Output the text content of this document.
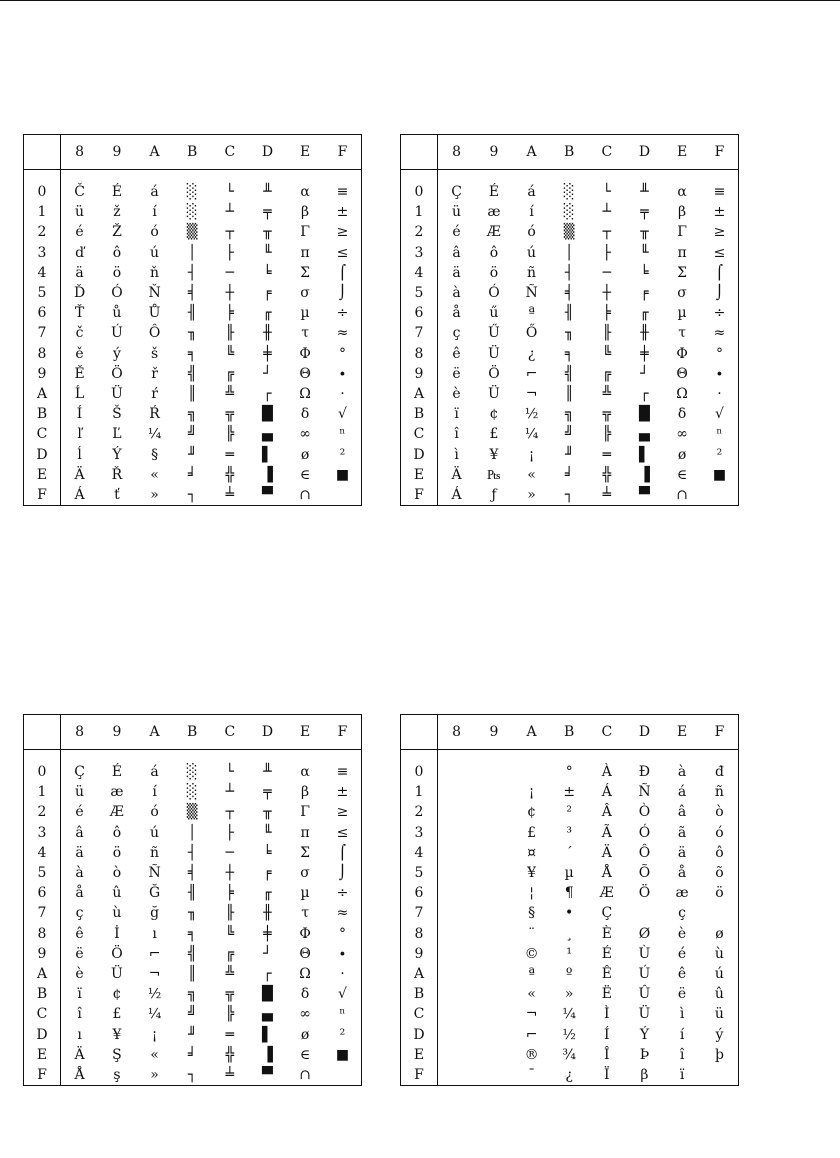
	8	9	A	B	C	D	E	F

0	Č	É	á	░	└	╨	α	≡
1	ü	ž	í	░	┴	╤	β	±
2	é	Ž	ó	▒	┬	╥	Γ	≥
3	ď	ô	ú	│	├	╙	π	≤
4	ä	ö	ň	┤	─	╘	Σ	⌠
5	Ď	Ó	Ň	╡	┼	╒	σ	⌡
6	Ť	ů	Ů	╢	╞	╓	µ	÷
7	č	Ú	Ô	╖	╟	╫	τ	≈
8	ě	ý	š	╕	╚	╪	Φ	°
9	Ě	Ö	ř	╣	╔	┘	Θ	∙
A	Ĺ	Ü	ŕ	║	╩	┌	Ω	·
B	Í	Š	Ŕ	╗	╦	█	δ	√
C	ľ	Ľ	¼	╝	╠	▄	∞	ⁿ
D	ĺ	Ý	§	╜	═	▌	ø	²
E	Ä	Ř	«	╛	╬	▐	∈	■
F	Á	ť	»	┐	╧	▀	∩	
	8	9	A	B	C	D	E	F

0	Ç	É	á	░	└	╨	α	≡
1	ü	æ	í	░	┴	╤	β	±
2	é	Æ	ó	▒	┬	╥	Γ	≥
3	â	ô	ú	│	├	╙	π	≤
4	ä	ö	ñ	┤	─	╘	Σ	⌠
5	à	Ó	Ñ	╡	┼	╒	σ	⌡
6	å	ű	ª	╢	╞	╓	µ	÷
7	ç	Ű	Ő	╖	╟	╫	τ	≈
8	ê	Ü	¿	╕	╚	╪	Φ	°
9	ë	Ö	⌐	╣	╔	┘	Θ	∙
A	è	Ü	¬	║	╩	┌	Ω	·
B	ï	¢	½	╗	╦	█	δ	√
C	î	£	¼	╝	╠	▄	∞	ⁿ
D	ì	¥	¡	╜	═	▌	ø	²
E	Ä	₧	«	╛	╬	▐	∈	■
F	Á	ƒ	»	┐	╧	▀	∩	
	8	9	A	B	C	D	E	F

0	Ç	É	á	░	└	╨	α	≡
1	ü	æ	í	░	┴	╤	β	±
2	é	Æ	ó	▒	┬	╥	Γ	≥
3	â	ô	ú	│	├	╙	π	≤
4	ä	ö	ñ	┤	─	╘	Σ	⌠
5	à	ò	Ñ	╡	┼	╒	σ	⌡
6	å	û	Ğ	╢	╞	╓	µ	÷
7	ç	ù	ğ	╖	╟	╫	τ	≈
8	ê	İ	ı	╕	╚	╪	Φ	°
9	ë	Ö	⌐	╣	╔	┘	Θ	∙
A	è	Ü	¬	║	╩	┌	Ω	·
B	ï	¢	½	╗	╦	█	δ	√
C	î	£	¼	╝	╠	▄	∞	ⁿ
D	ı	¥	¡	╜	═	▌	ø	²
E	Ä	Ş	«	╛	╬	▐	∈	■
F	Å	ş	»	┐	╧	▀	∩	
	8	9	A	B	C	D	E	F

0				°	À	Ð	à	đ
1			¡	±	Á	Ñ	á	ñ
2			¢	²	Â	Ò	â	ò
3			£	³	Ã	Ó	ã	ó
4			¤	´	Ä	Ô	ä	ô
5			¥	µ	Å	Õ	å	õ
6			¦	¶	Æ	Ö	æ	ö
7			§	•	Ç		ç	
8			¨	¸	È	Ø	è	ø
9			©	¹	É	Ù	é	ù
A			ª	º	Ê	Ú	ê	ú
B			«	»	Ë	Û	ë	û
C			¬	¼	Ì	Ü	ì	ü
D			⌐	½	Í	Ý	í	ý
E			®	¾	Î	Þ	î	þ
F			¯	¿	Ï	β	ï	
